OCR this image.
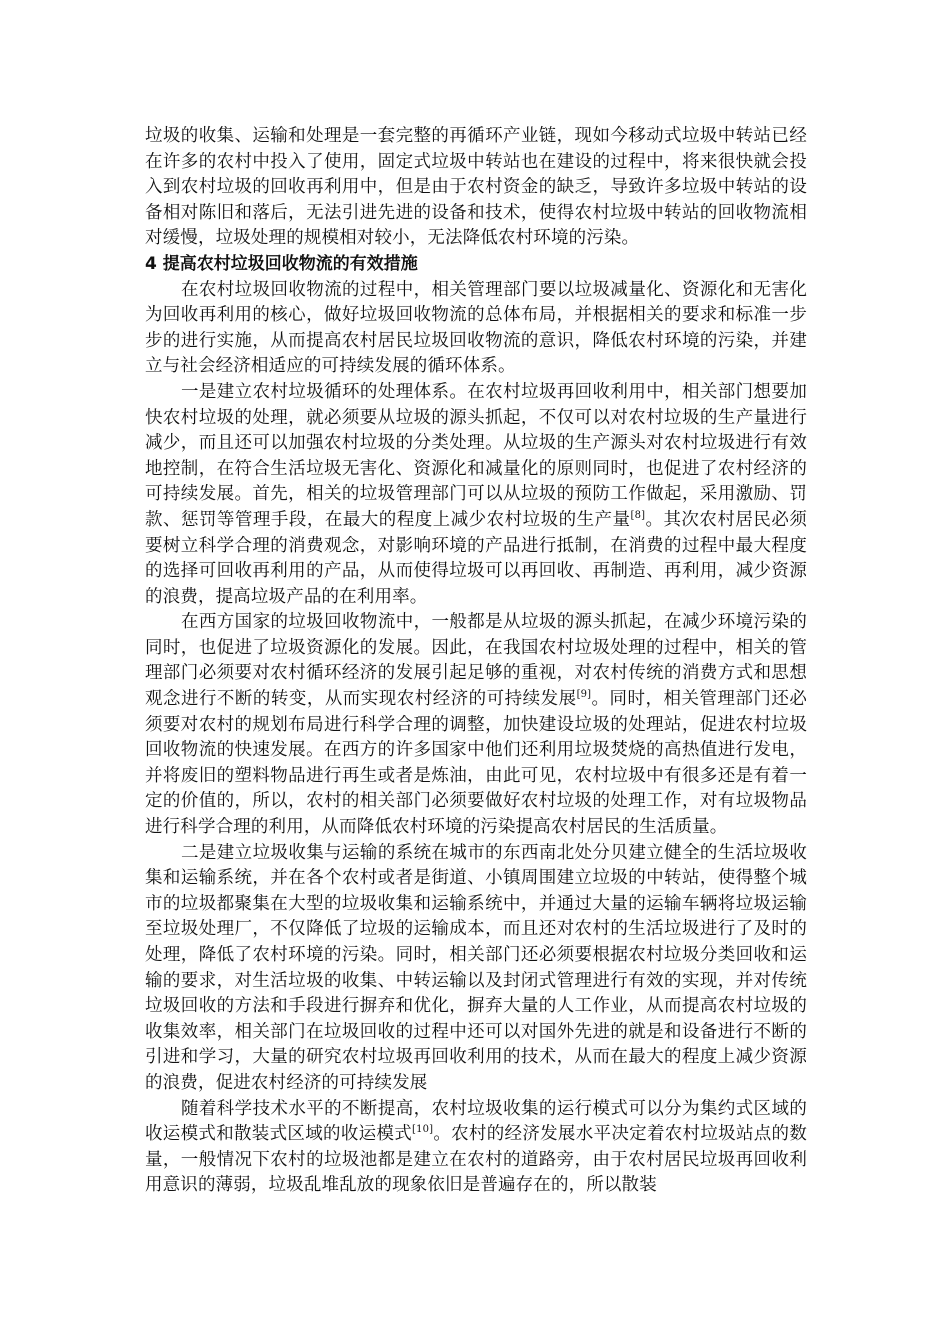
垃圾的收集、运输和处理是一套完整的再循环产业链，现如今移动式垃圾中转站已经在许多的农村中投入了使用，固定式垃圾中转站也在建设的过程中，将来很快就会投入到农村垃圾的回收再利用中，但是由于农村资金的缺乏，导致许多垃圾中转站的设备相对陈旧和落后，无法引进先进的设备和技术，使得农村垃圾中转站的回收物流相对缓慢，垃圾处理的规模相对较小，无法降低农村环境的污染。

4 提高农村垃圾回收物流的有效措施

在农村垃圾回收物流的过程中，相关管理部门要以垃圾减量化、资源化和无害化为回收再利用的核心，做好垃圾回收物流的总体布局，并根据相关的要求和标准一步步的进行实施，从而提高农村居民垃圾回收物流的意识，降低农村环境的污染，并建立与社会经济相适应的可持续发展的循环体系。

一是建立农村垃圾循环的处理体系。在农村垃圾再回收利用中，相关部门想要加快农村垃圾的处理，就必须要从垃圾的源头抓起，不仅可以对农村垃圾的生产量进行减少，而且还可以加强农村垃圾的分类处理。从垃圾的生产源头对农村垃圾进行有效地控制，在符合生活垃圾无害化、资源化和减量化的原则同时，也促进了农村经济的可持续发展。首先，相关的垃圾管理部门可以从垃圾的预防工作做起，采用激励、罚款、惩罚等管理手段，在最大的程度上减少农村垃圾的生产量[8]。其次农村居民必须要树立科学合理的消费观念，对影响环境的产品进行抵制，在消费的过程中最大程度的选择可回收再利用的产品，从而使得垃圾可以再回收、再制造、再利用，减少资源的浪费，提高垃圾产品的在利用率。

在西方国家的垃圾回收物流中，一般都是从垃圾的源头抓起，在减少环境污染的同时，也促进了垃圾资源化的发展。因此，在我国农村垃圾处理的过程中，相关的管理部门必须要对农村循环经济的发展引起足够的重视，对农村传统的消费方式和思想观念进行不断的转变，从而实现农村经济的可持续发展[9]。同时，相关管理部门还必须要对农村的规划布局进行科学合理的调整，加快建设垃圾的处理站，促进农村垃圾回收物流的快速发展。在西方的许多国家中他们还利用垃圾焚烧的高热值进行发电，并将废旧的塑料物品进行再生或者是炼油，由此可见，农村垃圾中有很多还是有着一定的价值的，所以，农村的相关部门必须要做好农村垃圾的处理工作，对有垃圾物品进行科学合理的利用，从而降低农村环境的污染提高农村居民的生活质量。

二是建立垃圾收集与运输的系统在城市的东西南北处分贝建立健全的生活垃圾收集和运输系统，并在各个农村或者是街道、小镇周围建立垃圾的中转站，使得整个城市的垃圾都聚集在大型的垃圾收集和运输系统中，并通过大量的运输车辆将垃圾运输至垃圾处理厂，不仅降低了垃圾的运输成本，而且还对农村的生活垃圾进行了及时的处理，降低了农村环境的污染。同时，相关部门还必须要根据农村垃圾分类回收和运输的要求，对生活垃圾的收集、中转运输以及封闭式管理进行有效的实现，并对传统垃圾回收的方法和手段进行摒弃和优化，摒弃大量的人工作业，从而提高农村垃圾的收集效率，相关部门在垃圾回收的过程中还可以对国外先进的就是和设备进行不断的引进和学习，大量的研究农村垃圾再回收利用的技术，从而在最大的程度上减少资源的浪费，促进农村经济的可持续发展

随着科学技术水平的不断提高，农村垃圾收集的运行模式可以分为集约式区域的收运模式和散装式区域的收运模式[10]。农村的经济发展水平决定着农村垃圾站点的数量，一般情况下农村的垃圾池都是建立在农村的道路旁，由于农村居民垃圾再回收利用意识的薄弱，垃圾乱堆乱放的现象依旧是普遍存在的，所以散装
